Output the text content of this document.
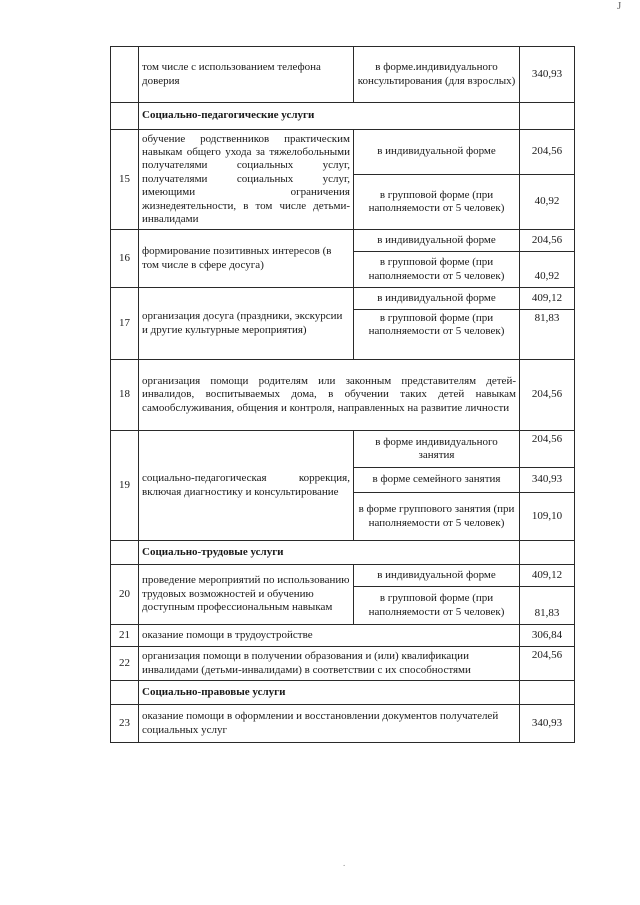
J
	том числе с использованием телефона доверия	в форме.индивидуального консультирования (для взрослых)	340,93
	Социально-педагогические услуги		
15	обучение родственников практическим навыкам общего ухода за тяжелобольными получателями социальных услуг, получателями социальных услуг, имеющими ограничения жизнедеятельности, в том числе детьми-инвалидами	в индивидуальной форме	204,56
		в групповой форме (при наполняемости от 5 человек)	40,92
16	формирование позитивных интересов (в том числе в сфере досуга)	в индивидуальной форме	204,56
		в групповой форме (при наполняемости от 5 человек)	40,92
17	организация досуга (праздники, экскурсии и другие культурные мероприятия)	в индивидуальной форме	409,12
		в групповой форме (при наполняемости от 5 человек)	81,83
18	организация помощи родителям или законным представителям детей-инвалидов, воспитываемых дома, в обучении таких детей навыкам самообслуживания, общения и контроля, направленных на развитие личности		204,56
19	социально-педагогическая коррекция, включая диагностику и консультирование	в форме индивидуального занятия	204,56
		в форме семейного занятия	340,93
		в форме группового занятия (при наполняемости от 5 человек)	109,10
	Социально-трудовые услуги		
20	проведение мероприятий по использованию трудовых возможностей и обучению доступным профессиональным навыкам	в индивидуальной форме	409,12
		в групповой форме (при наполняемости от 5 человек)	81,83
21	оказание помощи в трудоустройстве		306,84
22	организация помощи в получении образования и (или) квалификации инвалидами (детьми-инвалидами) в соответствии с их способностями		204,56
	Социально-правовые услуги		
23	оказание помощи в оформлении и восстановлении документов получателей социальных услуг		340,93
.
